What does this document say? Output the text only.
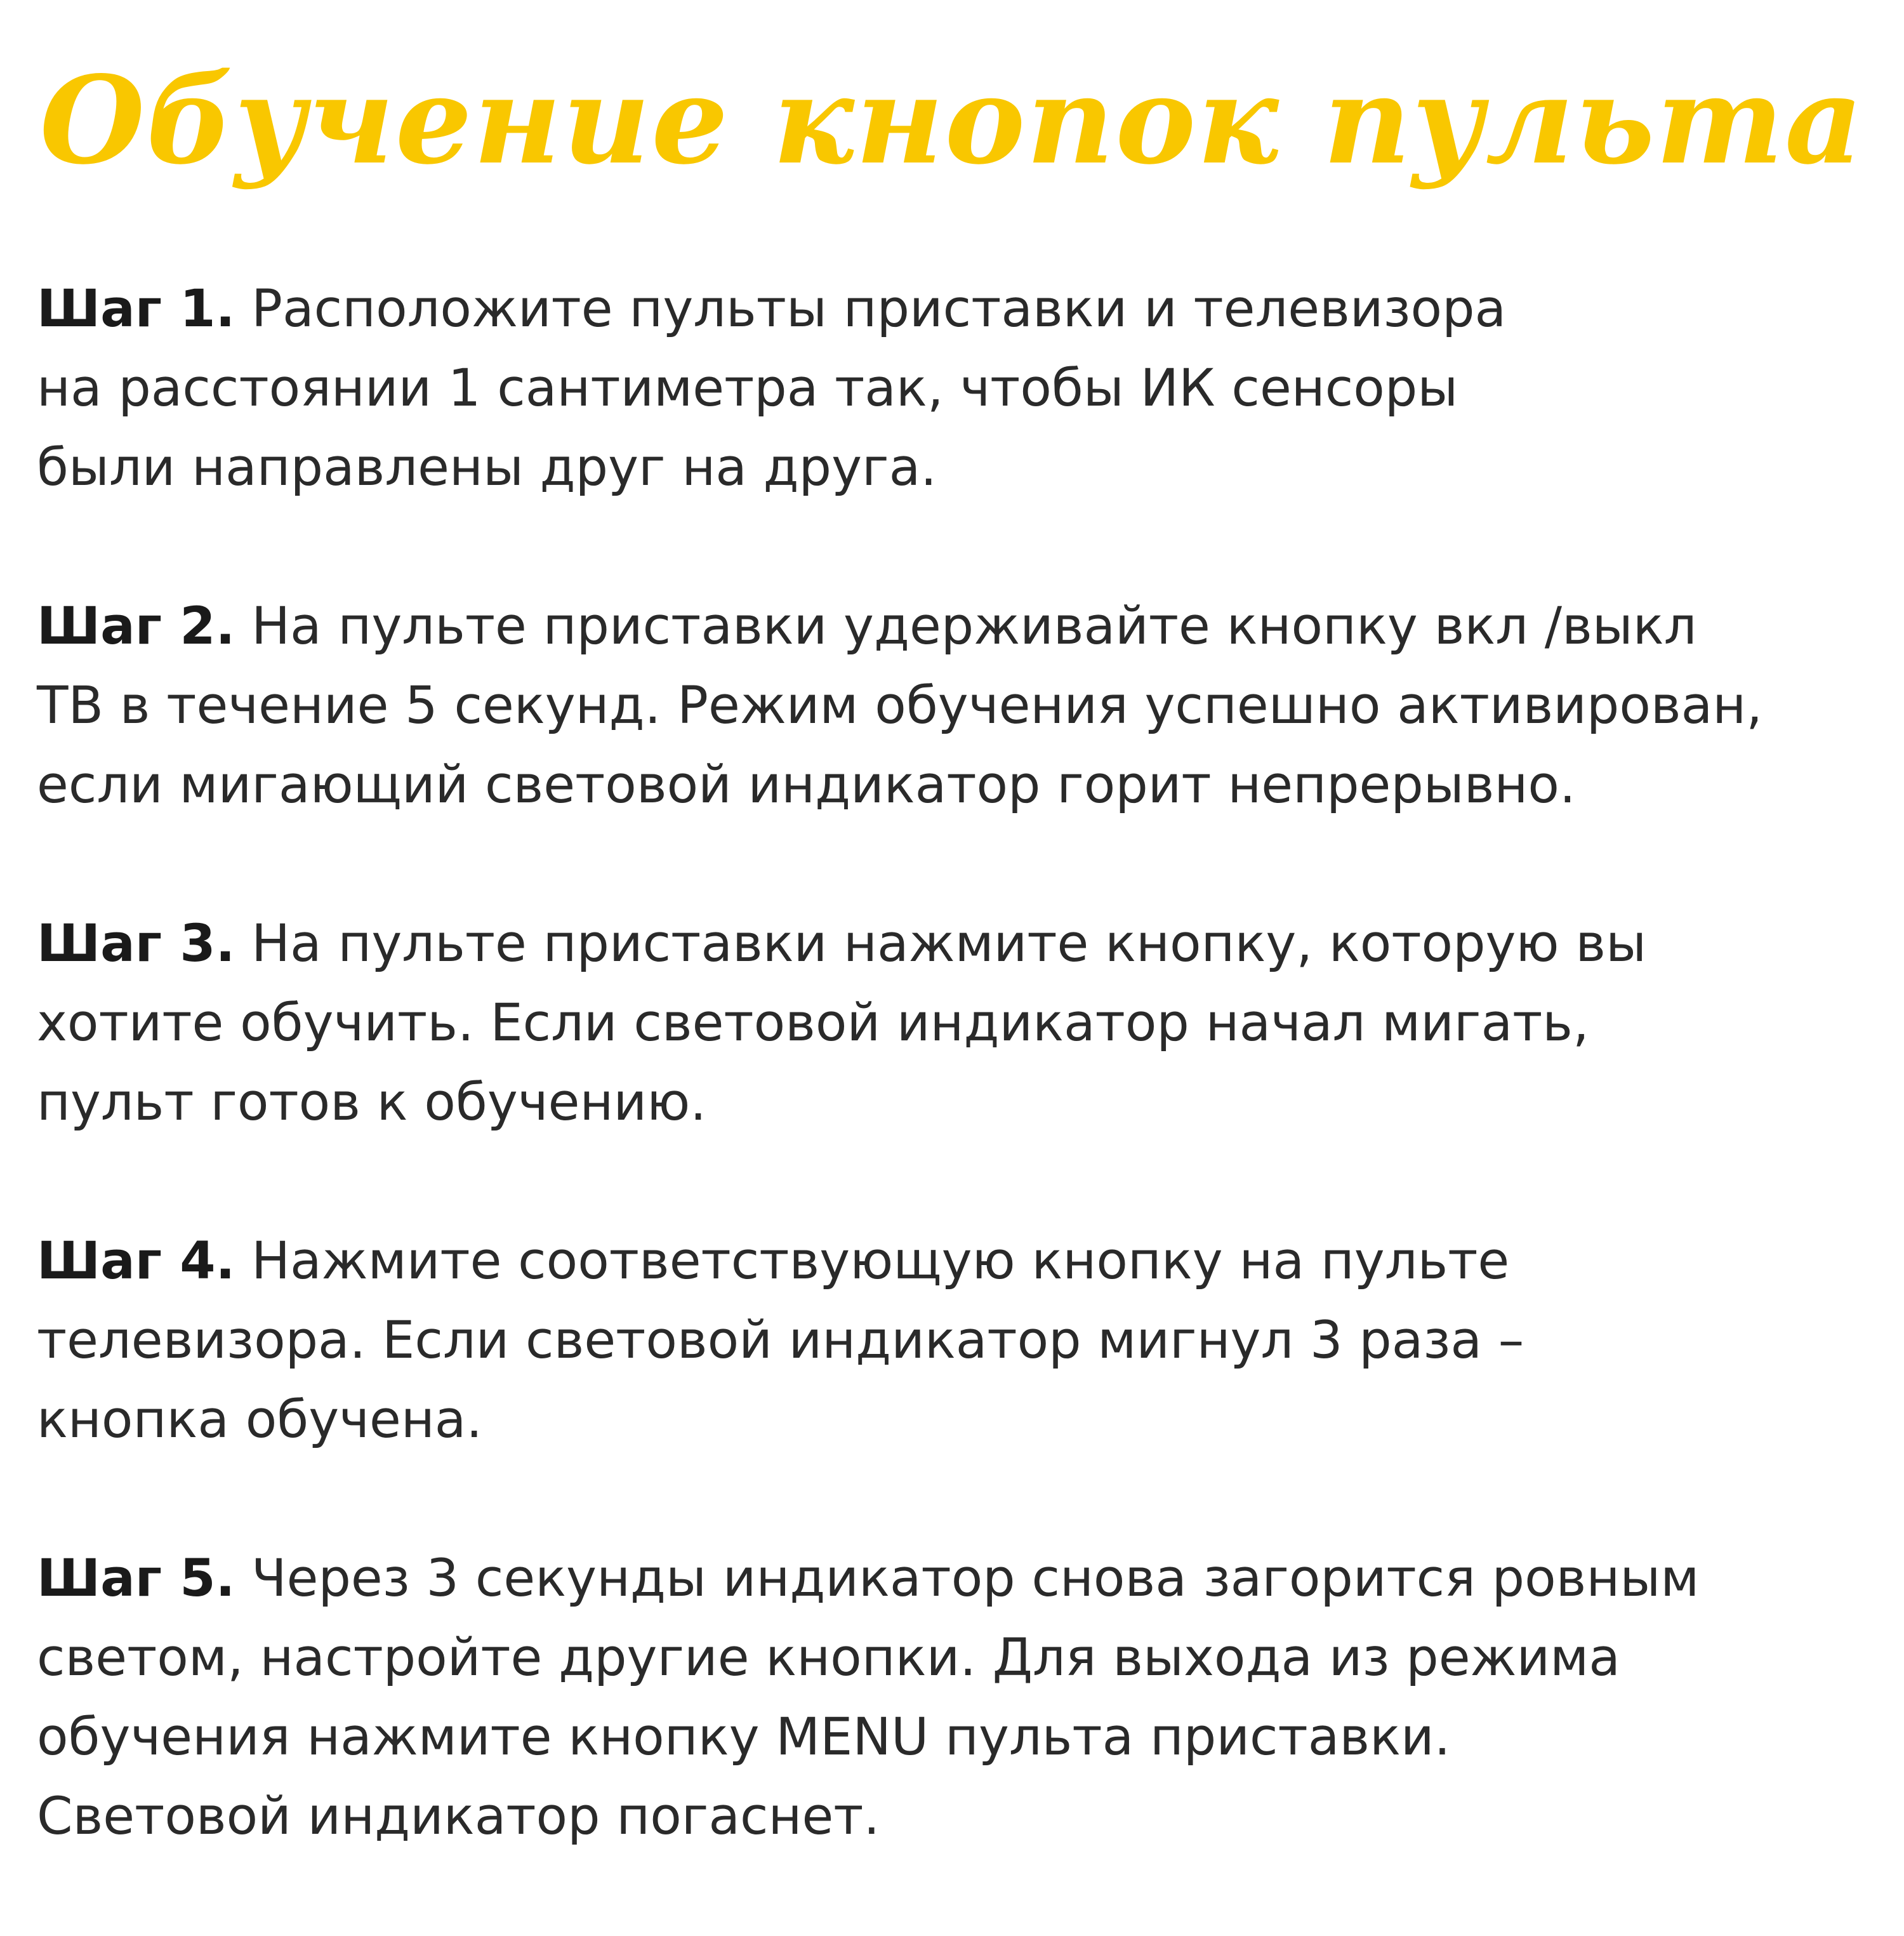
Обучение кнопок пульта
Шаг 1. Расположите пульты приставки и телевизора
на расстоянии 1 сантиметра так, чтобы ИК сенсоры
были направлены друг на друга.
Шаг 2. На пульте приставки удерживайте кнопку вкл /выкл
ТВ в течение 5 секунд. Режим обучения успешно активирован,
если мигающий световой индикатор горит непрерывно.
Шаг 3. На пульте приставки нажмите кнопку, которую вы
хотите обучить. Если световой индикатор начал мигать,
пульт готов к обучению.
Шаг 4. Нажмите соответствующую кнопку на пульте
телевизора. Если световой индикатор мигнул 3 раза –
кнопка обучена.
Шаг 5. Через 3 секунды индикатор снова загорится ровным
светом, настройте другие кнопки. Для выхода из режима
обучения нажмите кнопку MENU пульта приставки.
Световой индикатор погаснет.
